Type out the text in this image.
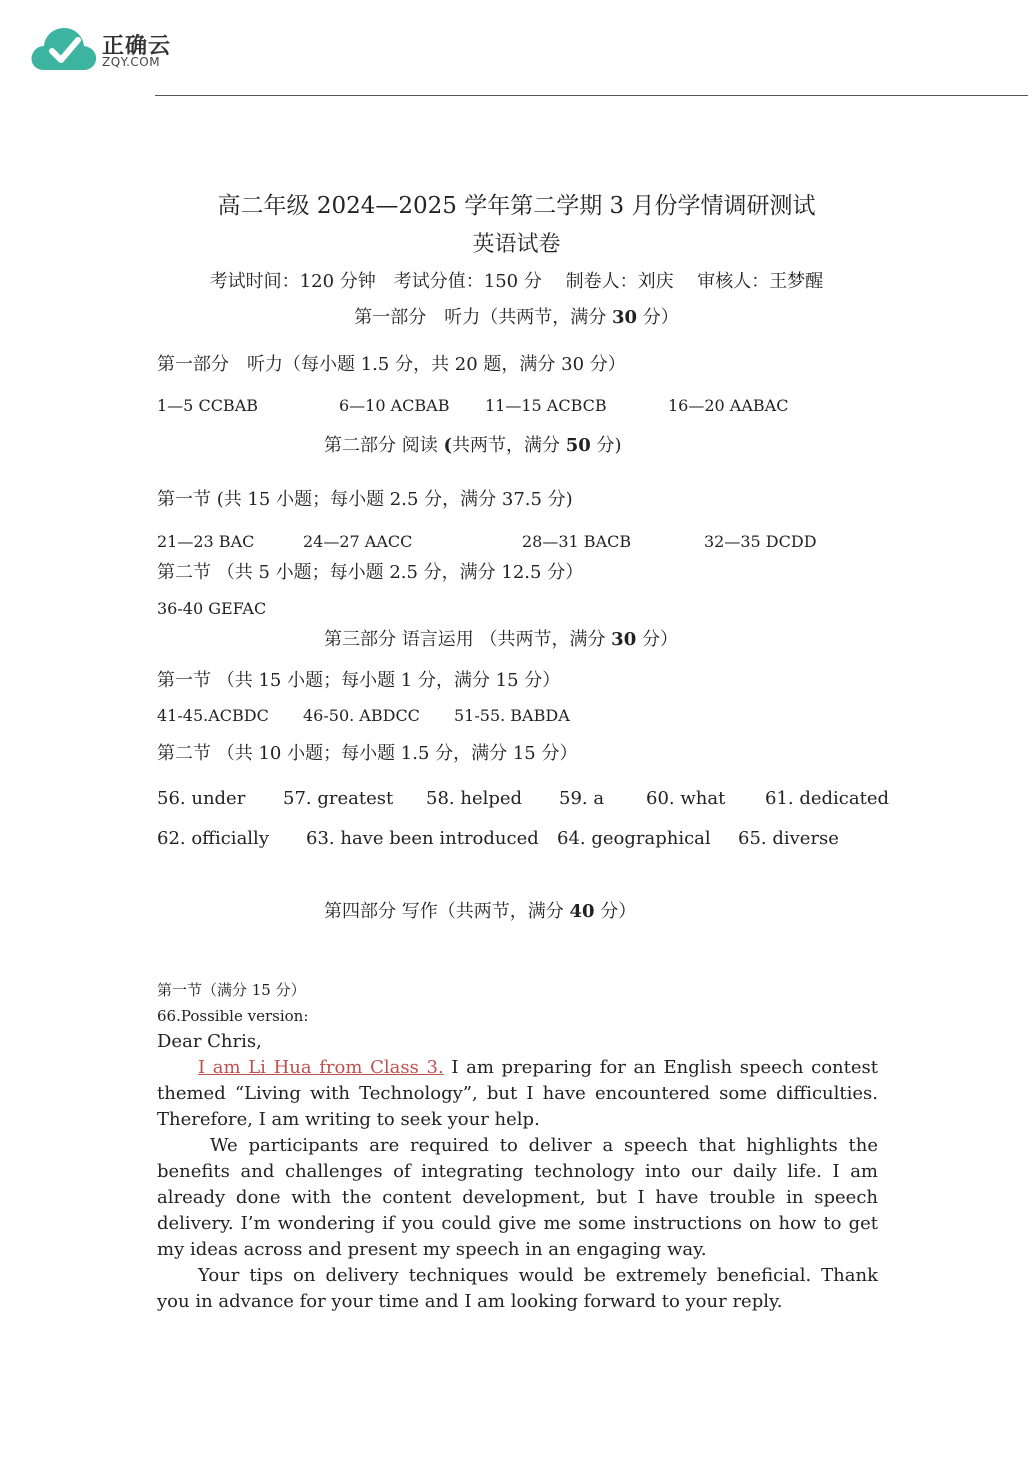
正确云
ZQY.COM
高二年级 2024—2025 学年第二学期 3 月份学情调研测试
英语试卷
考试时间：120 分钟　考试分值：150 分　 制卷人：刘庆　 审核人：王梦醒
第一部分　听力（共两节，满分 30 分）
第一部分　听力（每小题 1.5 分，共 20 题，满分 30 分）
1—5 CCBAB	6—10 ACBAB 11—15 ACBCB	16—20 AABAC
第二部分 阅读 (共两节，满分 50 分)
第一节 (共 15 小题；每小题 2.5 分，满分 37.5 分)
21—23 BAC	24—27 AACC	28—31 BACB	32—35 DCDD
第二节 （共 5 小题；每小题 2.5 分，满分 12.5 分）
36-40 GEFAC
第三部分 语言运用 （共两节，满分 30 分）
第一节 （共 15 小题；每小题 1 分，满分 15 分）
41-45.ACBDC 46-50. ABDCC 51-55. BABDA
第二节 （共 10 小题；每小题 1.5 分，满分 15 分）
56. under 57. greatest 58. helped 59. a 60. what 61. dedicated
62. officially 63. have been introduced 64. geographical 65. diverse
第四部分 写作（共两节，满分 40 分）
第一节（满分 15 分）
66.Possible version:

Dear Chris,

I am Li Hua from Class 3. I am preparing for an English speech contest themed “Living with Technology”, but I have encountered some difficulties. Therefore, I am writing to seek your help.

We participants are required to deliver a speech that highlights the benefits and challenges of integrating technology into our daily life. I am already done with the content development, but I have trouble in speech delivery. I’m wondering if you could give me some instructions on how to get my ideas across and present my speech in an engaging way.

Your tips on delivery techniques would be extremely beneficial. Thank you in advance for your time and I am looking forward to your reply.
